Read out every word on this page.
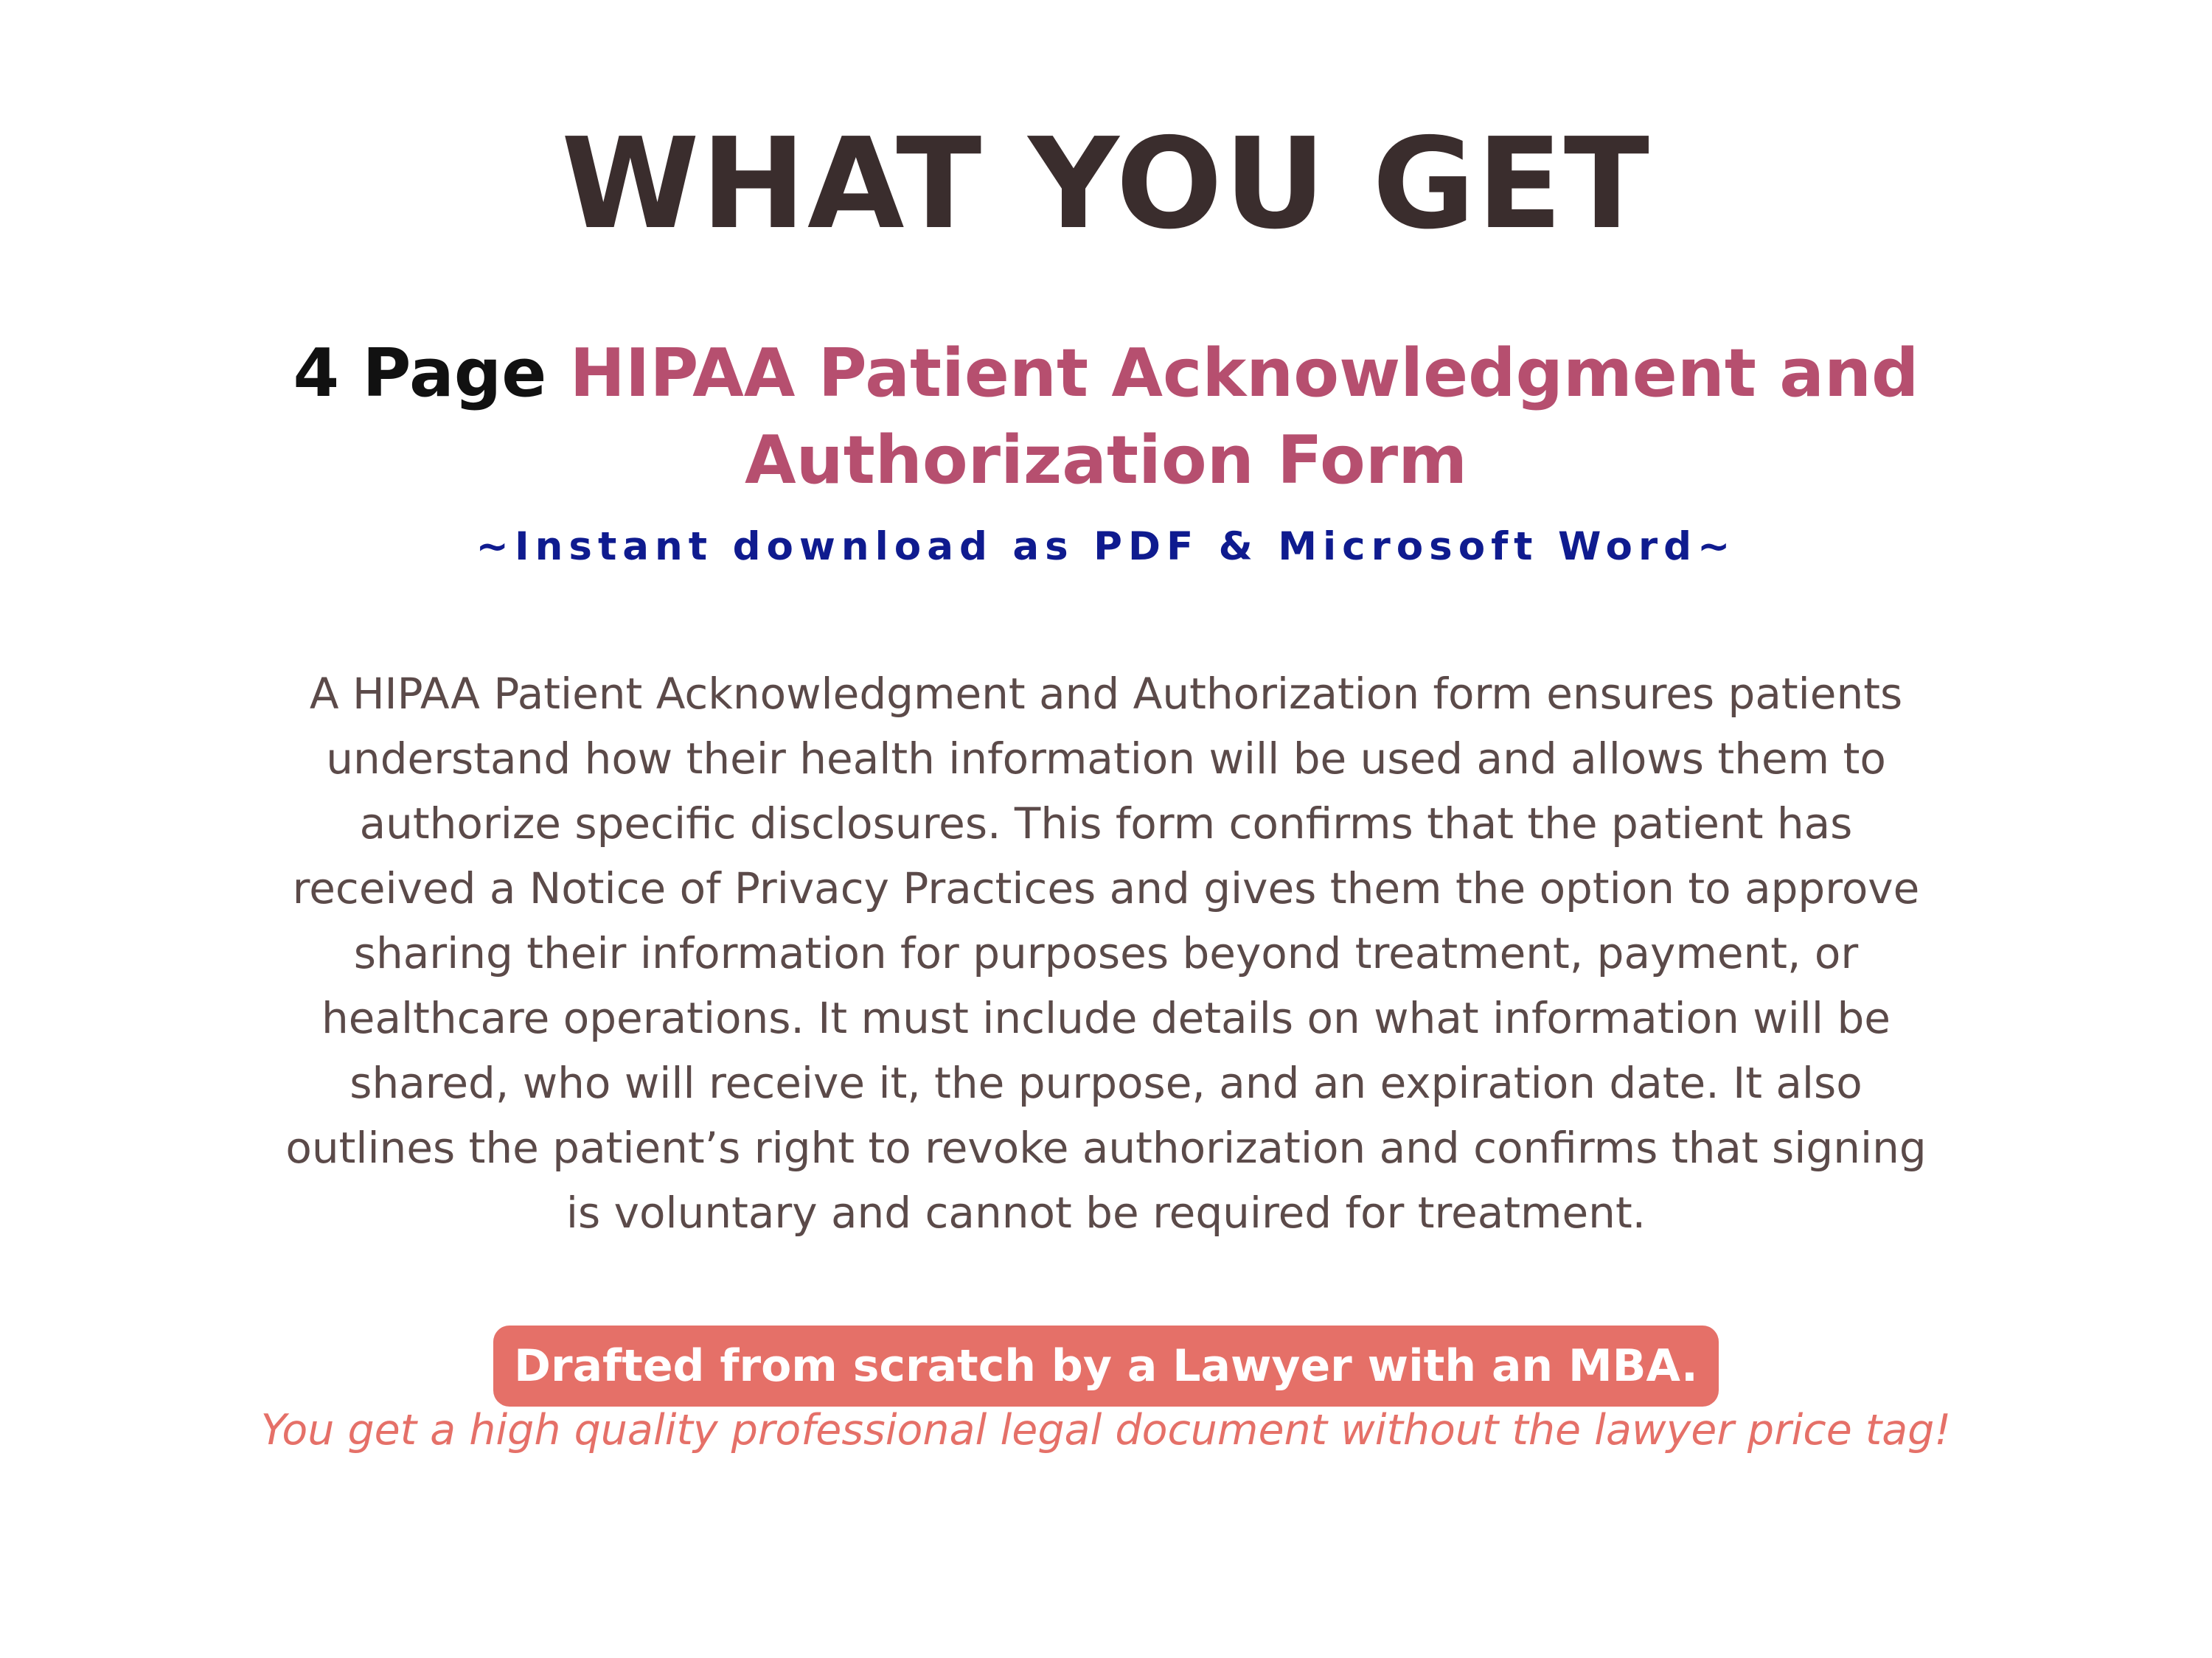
WHAT YOU GET
4 Page HIPAA Patient Acknowledgment and Authorization Form
~Instant download as PDF & Microsoft Word~
A HIPAA Patient Acknowledgment and Authorization form ensures patients understand how their health information will be used and allows them to authorize specific disclosures. This form confirms that the patient has received a Notice of Privacy Practices and gives them the option to approve sharing their information for purposes beyond treatment, payment, or healthcare operations. It must include details on what information will be shared, who will receive it, the purpose, and an expiration date. It also outlines the patient’s right to revoke authorization and confirms that signing is voluntary and cannot be required for treatment.
Drafted from scratch by a Lawyer with an MBA.
You get a high quality professional legal document without the lawyer price tag!
